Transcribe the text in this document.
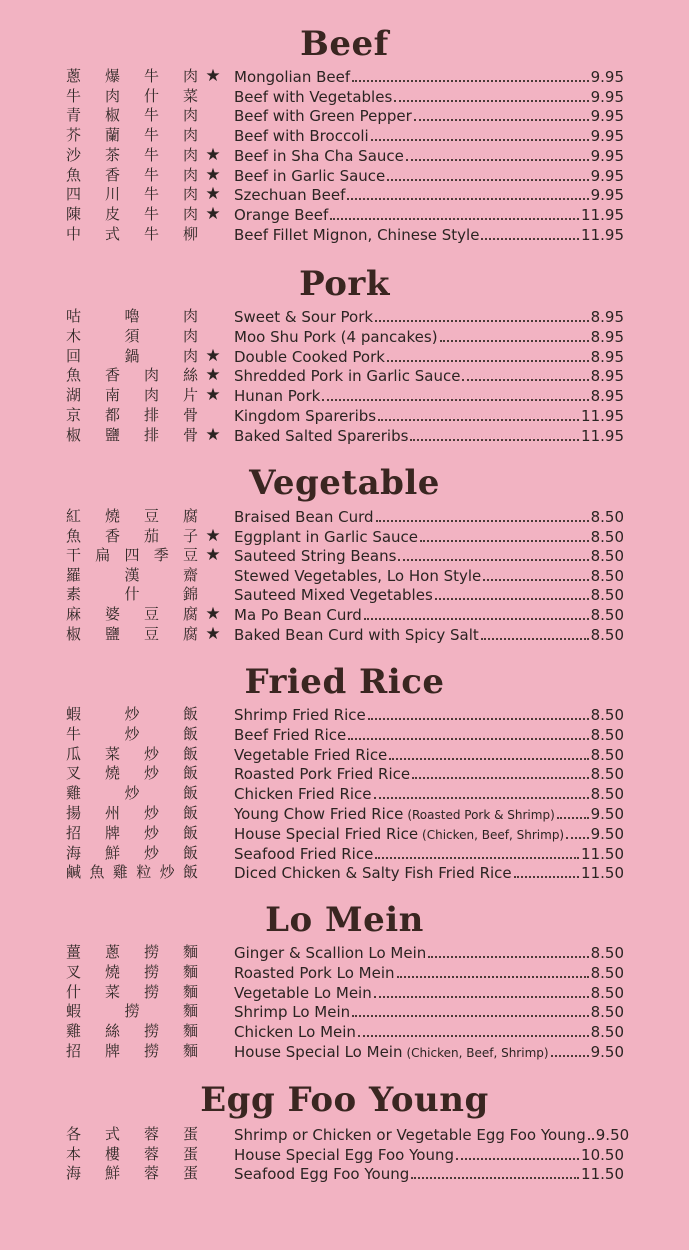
Beef
蔥爆牛肉 ★ Mongolian Beef	9.95
牛肉什菜 Beef with Vegetables	9.95
青椒牛肉 Beef with Green Pepper	9.95
芥蘭牛肉 Beef with Broccoli	9.95
沙茶牛肉 ★ Beef in Sha Cha Sauce	9.95
魚香牛肉 ★ Beef in Garlic Sauce	9.95
四川牛肉 ★ Szechuan Beef	9.95
陳皮牛肉 ★ Orange Beef	11.95
中式牛柳 Beef Fillet Mignon, Chinese Style	11.95
Pork
咕嚕肉 Sweet & Sour Pork	8.95
木須肉 Moo Shu Pork (4 pancakes)	8.95
回鍋肉 ★ Double Cooked Pork	8.95
魚香肉絲 ★ Shredded Pork in Garlic Sauce	8.95
湖南肉片 ★ Hunan Pork	8.95
京都排骨 Kingdom Spareribs	11.95
椒鹽排骨 ★ Baked Salted Spareribs	11.95
Vegetable
紅燒豆腐 Braised Bean Curd	8.50
魚香茄子 ★ Eggplant in Garlic Sauce	8.50
干扁四季豆 ★ Sauteed String Beans	8.50
羅漢齋 Stewed Vegetables, Lo Hon Style	8.50
素什錦 Sauteed Mixed Vegetables	8.50
麻婆豆腐 ★ Ma Po Bean Curd	8.50
椒鹽豆腐 ★ Baked Bean Curd with Spicy Salt	8.50
Fried Rice
蝦炒飯 Shrimp Fried Rice	8.50
牛炒飯 Beef Fried Rice	8.50
瓜菜炒飯 Vegetable Fried Rice	8.50
叉燒炒飯 Roasted Pork Fried Rice	8.50
雞炒飯 Chicken Fried Rice	8.50
揚州炒飯 Young Chow Fried Rice (Roasted Pork & Shrimp) 9.50
招牌炒飯 House Special Fried Rice (Chicken, Beef, Shrimp) 9.50
海鮮炒飯 Seafood Fried Rice	11.50
鹹魚雞粒炒飯 Diced Chicken & Salty Fish Fried Rice	11.50
Lo Mein
薑蔥撈麵 Ginger & Scallion Lo Mein	8.50
叉燒撈麵 Roasted Pork Lo Mein	8.50
什菜撈麵 Vegetable Lo Mein	8.50
蝦撈麵 Shrimp Lo Mein	8.50
雞絲撈麵 Chicken Lo Mein	8.50
招牌撈麵 House Special Lo Mein (Chicken, Beef, Shrimp)	9.50
Egg Foo Young
各式蓉蛋 Shrimp or Chicken or Vegetable Egg Foo Young 9.50
本樓蓉蛋 House Special Egg Foo Young	10.50
海鮮蓉蛋 Seafood Egg Foo Young	11.50
